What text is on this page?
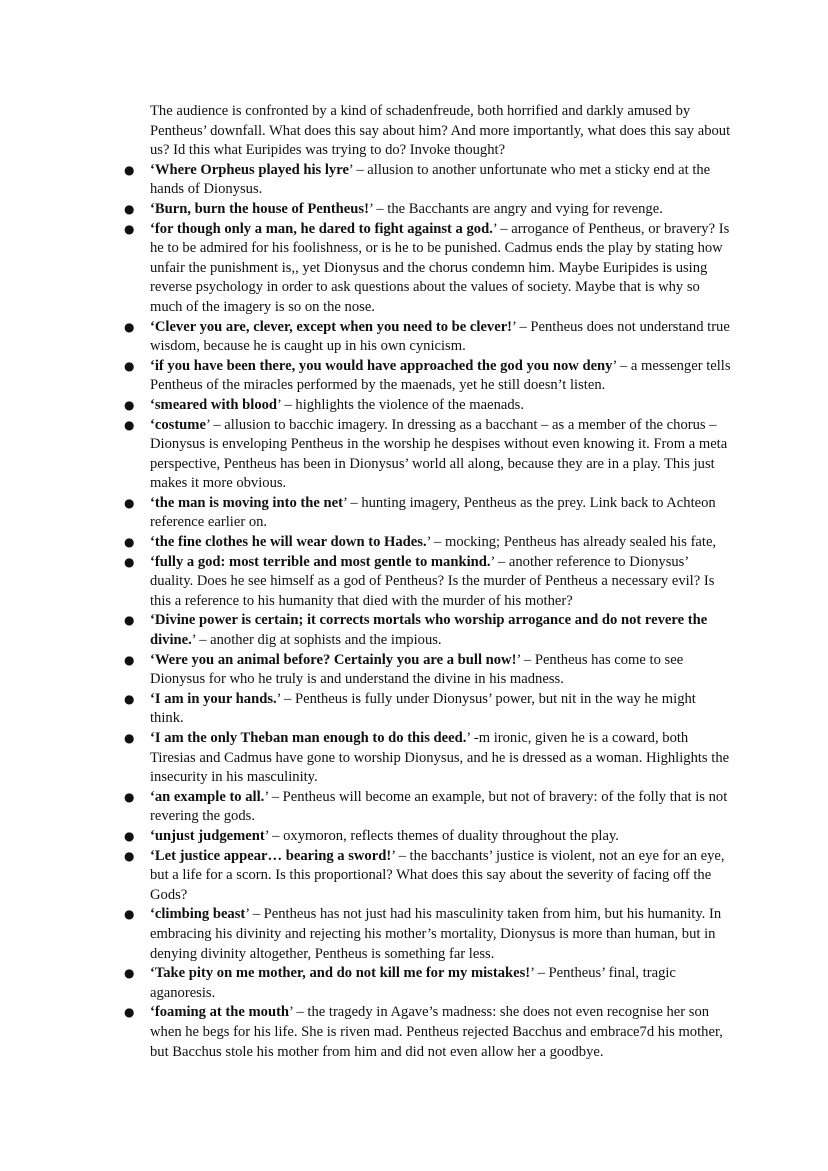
The audience is confronted by a kind of schadenfreude, both horrified and darkly amused by Pentheus’ downfall. What does this say about him? And more importantly, what does this say about us? Id this what Euripides was trying to do? Invoke thought?

● ‘Where Orpheus played his lyre’ – allusion to another unfortunate who met a sticky end at the hands of Dionysus.
● ‘Burn, burn the house of Pentheus!’ – the Bacchants are angry and vying for revenge.
● ‘for though only a man, he dared to fight against a god.’ – arrogance of Pentheus, or bravery? Is he to be admired for his foolishness, or is he to be punished. Cadmus ends the play by stating how unfair the punishment is,, yet Dionysus and the chorus condemn him. Maybe Euripides is using reverse psychology in order to ask questions about the values of society. Maybe that is why so much of the imagery is so on the nose.
● ‘Clever you are, clever, except when you need to be clever!’ – Pentheus does not understand true wisdom, because he is caught up in his own cynicism.
● ‘if you have been there, you would have approached the god you now deny’ – a messenger tells Pentheus of the miracles performed by the maenads, yet he still doesn’t listen.
● ‘smeared with blood’ – highlights the violence of the maenads.
● ‘costume’ – allusion to bacchic imagery. In dressing as a bacchant – as a member of the chorus – Dionysus is enveloping Pentheus in the worship he despises without even knowing it. From a meta perspective, Pentheus has been in Dionysus’ world all along, because they are in a play. This just makes it more obvious.
● ‘the man is moving into the net’ – hunting imagery, Pentheus as the prey. Link back to Achteon reference earlier on.
● ‘the fine clothes he will wear down to Hades.’ – mocking; Pentheus has already sealed his fate,
● ‘fully a god: most terrible and most gentle to mankind.’ – another reference to Dionysus’ duality. Does he see himself as a god of Pentheus? Is the murder of Pentheus a necessary evil? Is this a reference to his humanity that died with the murder of his mother?
● ‘Divine power is certain; it corrects mortals who worship arrogance and do not revere the divine.’ – another dig at sophists and the impious.
● ‘Were you an animal before? Certainly you are a bull now!’ – Pentheus has come to see Dionysus for who he truly is and understand the divine in his madness.
● ‘I am in your hands.’ – Pentheus is fully under Dionysus’ power, but nit in the way he might think.
● ‘I am the only Theban man enough to do this deed.’ -m ironic, given he is a coward, both Tiresias and Cadmus have gone to worship Dionysus, and he is dressed as a woman. Highlights the insecurity in his masculinity.
● ‘an example to all.’ – Pentheus will become an example, but not of bravery: of the folly that is not revering the gods.
● ‘unjust judgement’ – oxymoron, reflects themes of duality throughout the play.
● ‘Let justice appear… bearing a sword!’ – the bacchants’ justice is violent, not an eye for an eye, but a life for a scorn. Is this proportional? What does this say about the severity of facing off the Gods?
● ‘climbing beast’ – Pentheus has not just had his masculinity taken from him, but his humanity. In embracing his divinity and rejecting his mother’s mortality, Dionysus is more than human, but in denying divinity altogether, Pentheus is something far less.
● ‘Take pity on me mother, and do not kill me for my mistakes!’ – Pentheus’ final, tragic aganoresis.
● ‘foaming at the mouth’ – the tragedy in Agave’s madness: she does not even recognise her son when he begs for his life. She is riven mad. Pentheus rejected Bacchus and embrace7d his mother, but Bacchus stole his mother from him and did not even allow her a goodbye.
